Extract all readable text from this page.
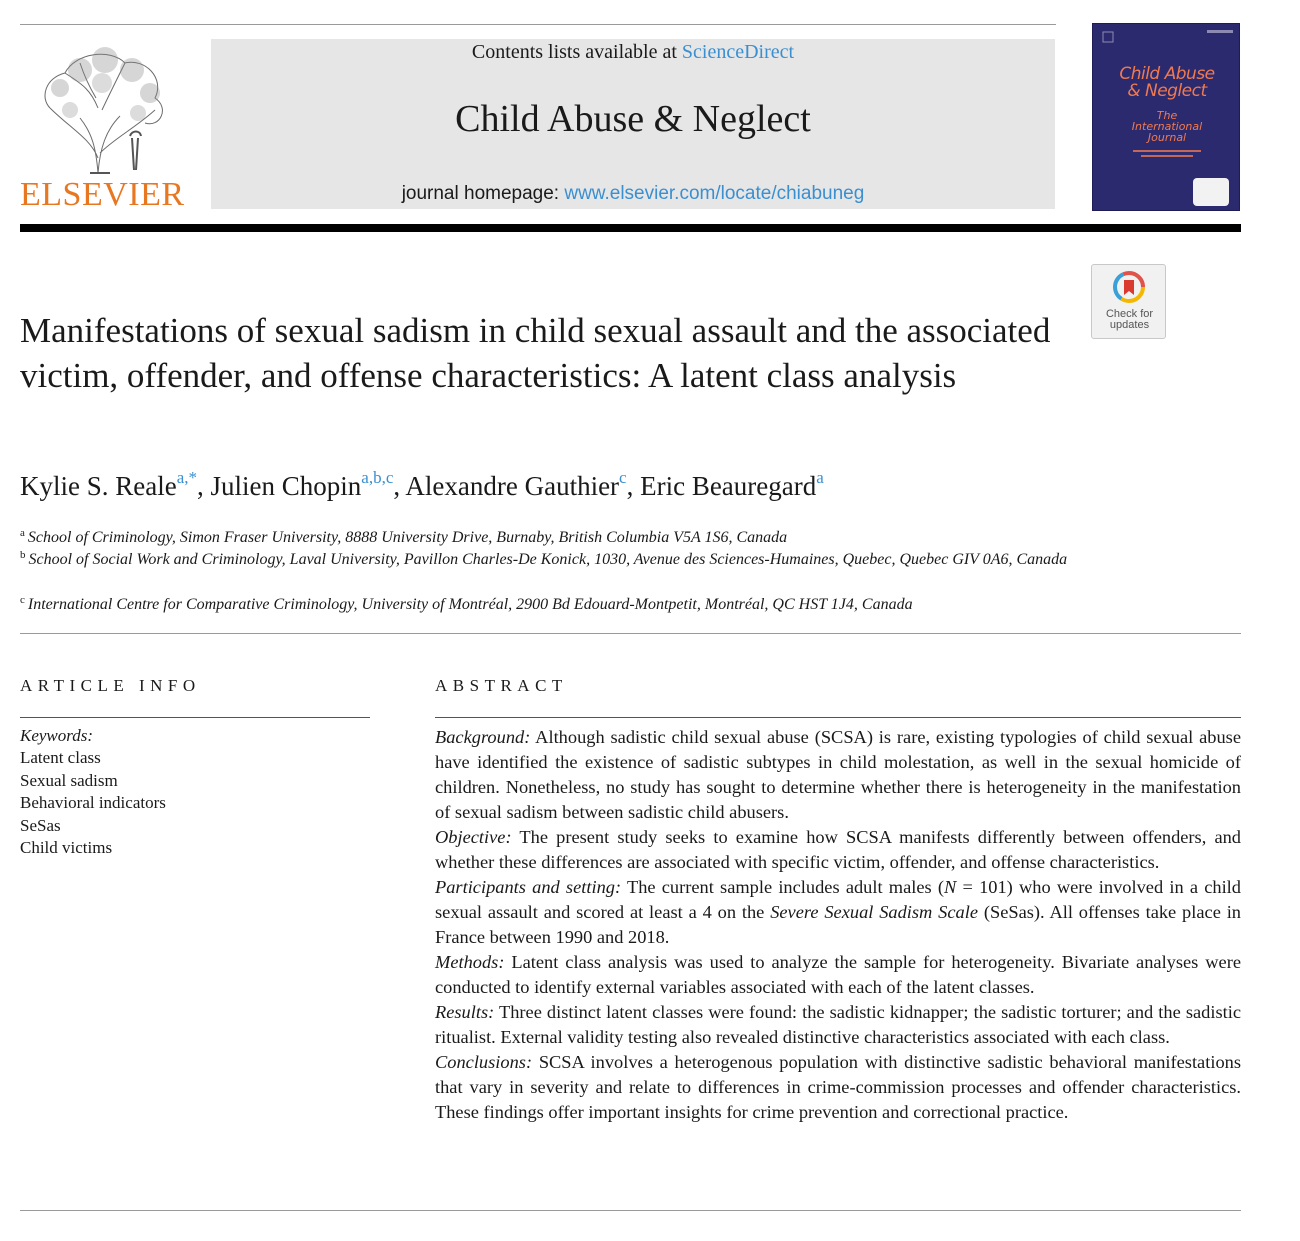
ELSEVIER
Contents lists available at ScienceDirect
Child Abuse & Neglect
journal homepage: www.elsevier.com/locate/chiabuneg
Child Abuse
& Neglect
The
International
Journal
Check for
updates
Manifestations of sexual sadism in child sexual assault and the associated victim, offender, and offense characteristics: A latent class analysis
Kylie S. Reale$^{a,*}$, Julien Chopin$^{a,b,c}$, Alexandre Gauthier$^c$, Eric Beauregard$^a$
$^a$ School of Criminology, Simon Fraser University, 8888 University Drive, Burnaby, British Columbia V5A 1S6, Canada
$^b$ School of Social Work and Criminology, Laval University, Pavillon Charles-De Konick, 1030, Avenue des Sciences-Humaines, Quebec, Quebec GIV 0A6, Canada
$^c$ International Centre for Comparative Criminology, University of Montréal, 2900 Bd Edouard-Montpetit, Montréal, QC HST 1J4, Canada
ARTICLE INFO
Keywords:
Latent class
Sexual sadism
Behavioral indicators
SeSas
Child victims
ABSTRACT

Background: Although sadistic child sexual abuse (SCSA) is rare, existing typologies of child sexual abuse have identified the existence of sadistic subtypes in child molestation, as well in the sexual homicide of children. Nonetheless, no study has sought to determine whether there is heterogeneity in the manifestation of sexual sadism between sadistic child abusers.

Objective: The present study seeks to examine how SCSA manifests differently between offenders, and whether these differences are associated with specific victim, offender, and offense characteristics.

Participants and setting: The current sample includes adult males (N = 101) who were involved in a child sexual assault and scored at least a 4 on the Severe Sexual Sadism Scale (SeSas). All offenses take place in France between 1990 and 2018.

Methods: Latent class analysis was used to analyze the sample for heterogeneity. Bivariate analyses were conducted to identify external variables associated with each of the latent classes.

Results: Three distinct latent classes were found: the sadistic kidnapper; the sadistic torturer; and the sadistic ritualist. External validity testing also revealed distinctive characteristics associated with each class.

Conclusions: SCSA involves a heterogenous population with distinctive sadistic behavioral manifestations that vary in severity and relate to differences in crime-commission processes and offender characteristics. These findings offer important insights for crime prevention and correctional practice.
